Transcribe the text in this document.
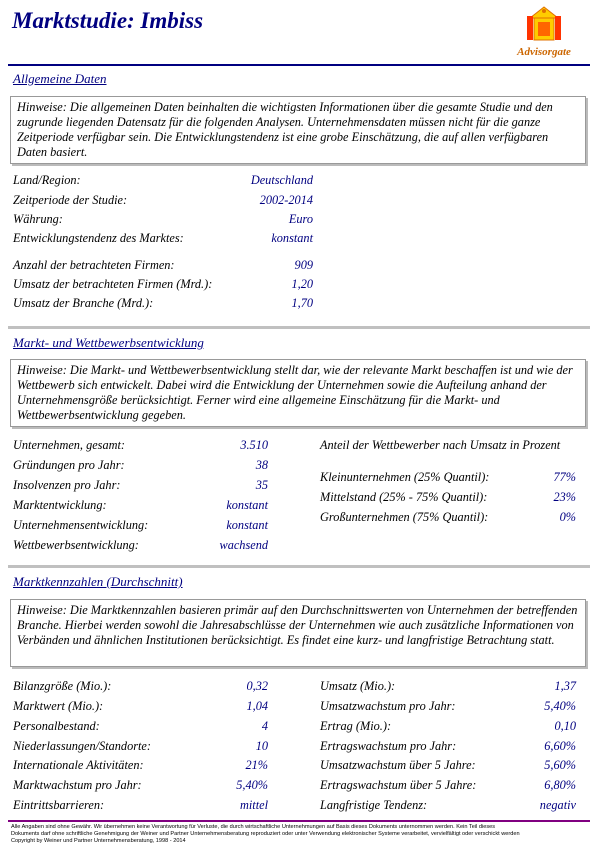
Marktstudie: Imbiss
Advisorgate
Allgemeine Daten
Hinweise: Die allgemeinen Daten beinhalten die wichtigsten Informationen über die gesamte Studie und den zugrunde liegenden Datensatz für die folgenden Analysen. Unternehmensdaten müssen nicht für die ganze Zeitperiode verfügbar sein. Die Entwicklungstendenz ist eine grobe Einschätzung, die auf allen verfügbaren Daten basiert.
Land/Region:	Deutschland
Zeitperiode der Studie:	2002-2014
Währung:	Euro
Entwicklungstendenz des Marktes:	konstant
Anzahl der betrachteten Firmen:	909
Umsatz der betrachteten Firmen (Mrd.):	1,20
Umsatz der Branche (Mrd.):	1,70
Markt- und Wettbewerbsentwicklung
Hinweise: Die Markt- und Wettbewerbsentwicklung stellt dar, wie der relevante Markt beschaffen ist und wie der Wettbewerb sich entwickelt. Dabei wird die Entwicklung der Unternehmen sowie die Aufteilung anhand der Unternehmensgröße berücksichtigt. Ferner wird eine allgemeine Einschätzung für die Markt- und Wettbewerbsentwicklung gegeben.
Unternehmen, gesamt:	3.510
Gründungen pro Jahr:	38
Insolvenzen pro Jahr:	35
Marktentwicklung:	konstant
Unternehmensentwicklung:	konstant
Wettbewerbsentwicklung:	wachsend
Anteil der Wettbewerber nach Umsatz in Prozent
Kleinunternehmen (25% Quantil):	77%
Mittelstand (25% - 75% Quantil):	23%
Großunternehmen (75% Quantil):	0%
Marktkennzahlen (Durchschnitt)
Hinweise: Die Marktkennzahlen basieren primär auf den Durchschnittswerten von Unternehmen der betreffenden Branche. Hierbei werden sowohl die Jahresabschlüsse der Unternehmen wie auch zusätzliche Informationen von Verbänden und ähnlichen Institutionen berücksichtigt. Es findet eine kurz- und langfristige Betrachtung statt.
Bilanzgröße (Mio.):	0,32
Marktwert (Mio.):	1,04
Personalbestand:	4
Niederlassungen/Standorte:	10
Internationale Aktivitäten:	21%
Marktwachstum pro Jahr:	5,40%
Eintrittsbarrieren:	mittel
Umsatz (Mio.):	1,37
Umsatzwachstum pro Jahr:	5,40%
Ertrag (Mio.):	0,10
Ertragswachstum pro Jahr:	6,60%
Umsatzwachstum über 5 Jahre:	5,60%
Ertragswachstum über 5 Jahre:	6,80%
Langfristige Tendenz:	negativ
Alle Angaben sind ohne Gewähr. Wir übernehmen keine Verantwortung für Verluste, die durch wirtschaftliche Unternehmungen auf Basis dieses Dokuments unternommen werden. Kein Teil dieses
Dokuments darf ohne schriftliche Genehmigung der Weiner und Partner Unternehmensberatung reproduziert oder unter Verwendung elektronischer Systeme verarbeitet, vervielfältigt oder verschickt werden
Copyright by Weiner und Partner Unternehmensberatung, 1998 - 2014
